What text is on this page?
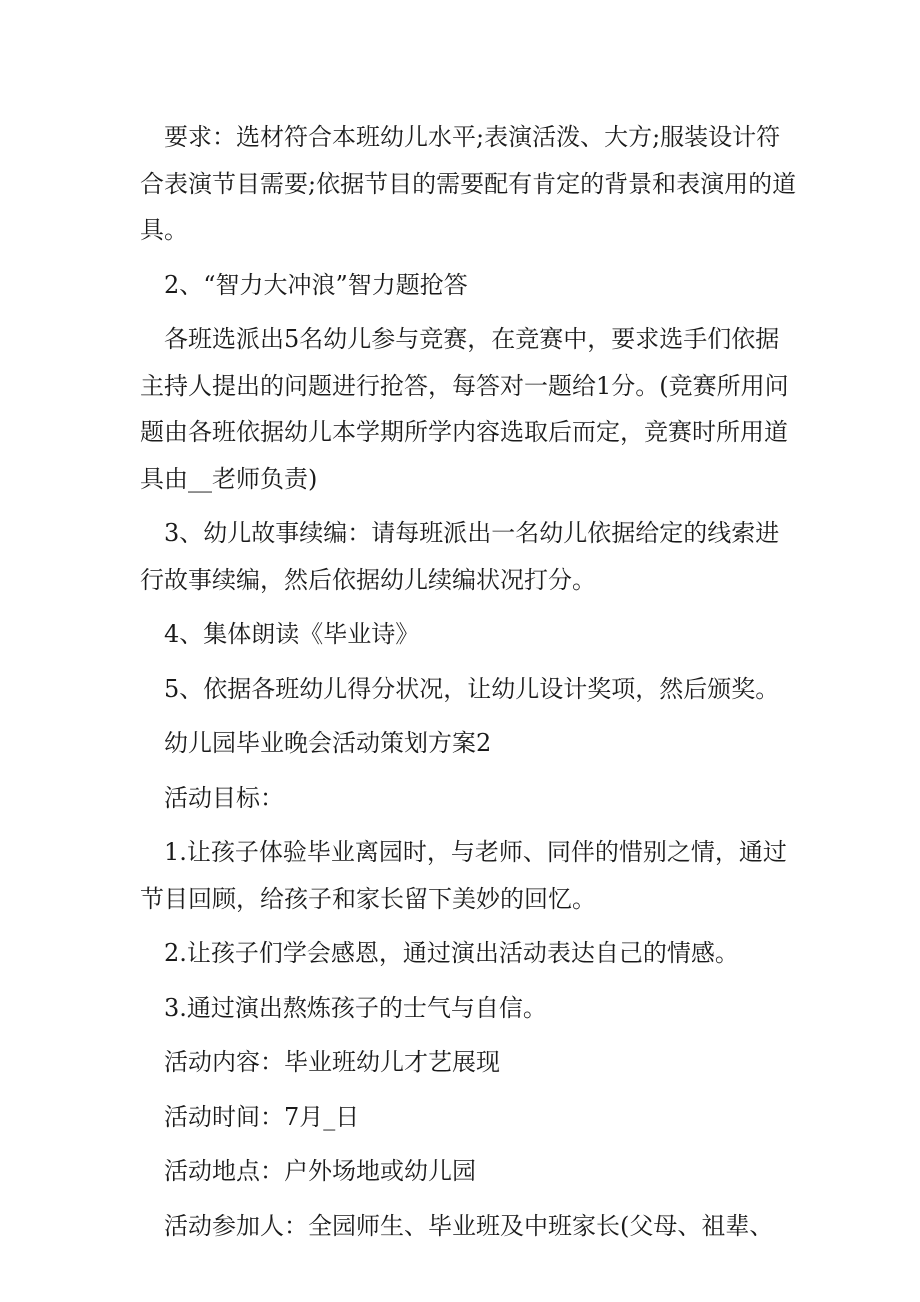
要求：选材符合本班幼儿水平;表演活泼、大方;服装设计符合表演节目需要;依据节目的需要配有肯定的背景和表演用的道具。

2、“智力大冲浪”智力题抢答

各班选派出5名幼儿参与竞赛，在竞赛中，要求选手们依据主持人提出的问题进行抢答，每答对一题给1分。(竞赛所用问题由各班依据幼儿本学期所学内容选取后而定，竞赛时所用道具由__老师负责)

3、幼儿故事续编：请每班派出一名幼儿依据给定的线索进行故事续编，然后依据幼儿续编状况打分。

4、集体朗读《毕业诗》

5、依据各班幼儿得分状况，让幼儿设计奖项，然后颁奖。

幼儿园毕业晚会活动策划方案2

活动目标：

1.让孩子体验毕业离园时，与老师、同伴的惜别之情，通过节目回顾，给孩子和家长留下美妙的回忆。

2.让孩子们学会感恩，通过演出活动表达自己的情感。

3.通过演出熬炼孩子的士气与自信。

活动内容：毕业班幼儿才艺展现

活动时间：7月_日

活动地点：户外场地或幼儿园

活动参加人：全园师生、毕业班及中班家长(父母、祖辈、
